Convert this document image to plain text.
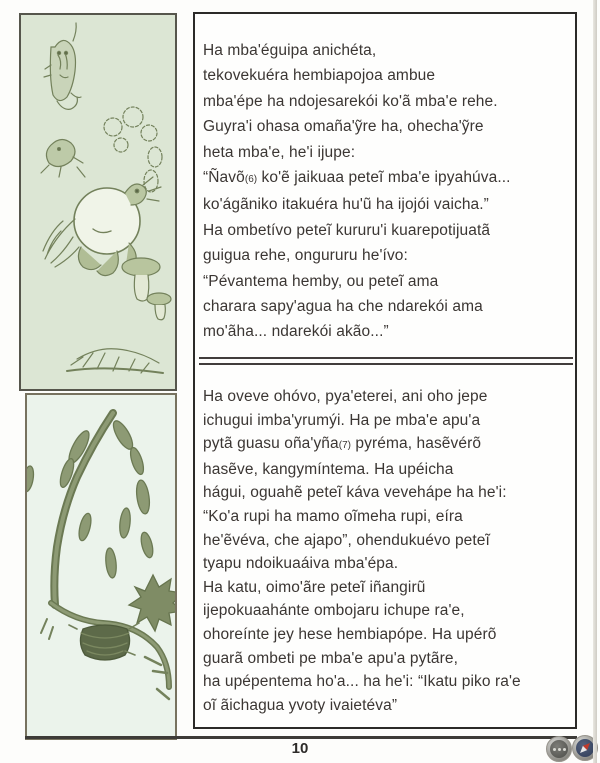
Ha mba'éguipa anichéta,
tekovekuéra hembiapojoa ambue
mba'épe ha ndojesarekói ko'ã mba'e rehe.
Guyra'i ohasa omaña'ỹre ha, ohecha'ỹre
heta mba'e, he'i ijupe:
“Ñavõ(6) ko'ẽ jaikuaa peteĩ mba'e ipyahúva...
ko'ágãniko itakuéra hu'ũ ha ijojói vaicha.”
Ha ombetívo peteĩ kururu'i kuarepotijuatã
guigua rehe, ongururu he'ívo:
“Pévantema hemby, ou peteĩ ama
charara sapy'agua ha che ndarekói ama
mo'ãha... ndarekói akão...”
Ha oveve ohóvo, pya'eterei, ani oho jepe
ichugui imba'yrumýi. Ha pe mba'e apu'a
pytã guasu oña'yña(7) pyréma, hasẽvérõ
hasẽve, kangymíntema. Ha upéicha
hágui, oguahẽ peteĩ káva vevehápe ha he'i:
“Ko'a rupi ha mamo oĩmeha rupi, eíra
he'ẽvéva, che ajapo”, ohendukuévo peteĩ
tyapu ndoikuaáiva mba'épa.
Ha katu, oimo'ãre peteĩ iñangirũ
ijepokuaahánte ombojaru ichupe ra'e,
ohoreínte jey hese hembiapópe. Ha upérõ
guarã ombeti pe mba'e apu'a pytãre,
ha upépentema ho'a... ha he'i: “Ikatu piko ra'e
oĩ ãichagua yvoty ivaietéva”
10
